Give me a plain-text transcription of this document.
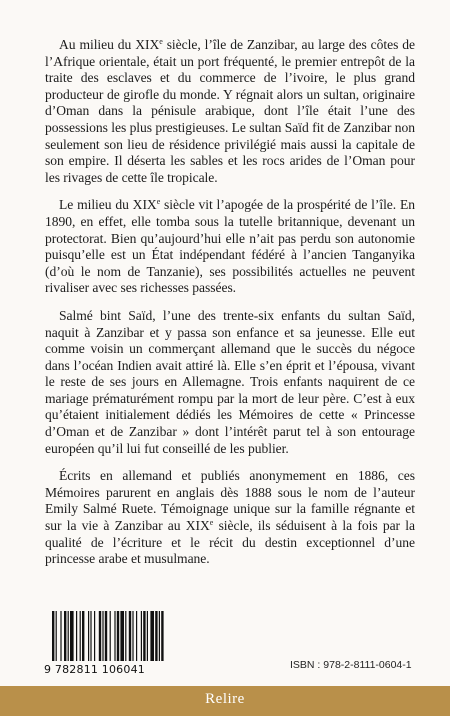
Au milieu du XIXe siècle, l’île de Zanzibar, au large des côtes de l’Afrique orientale, était un port fréquenté, le premier entrepôt de la traite des esclaves et du commerce de l’ivoire, le plus grand producteur de girofle du monde. Y régnait alors un sultan, originaire d’Oman dans la pénisule arabique, dont l’île était l’une des possessions les plus prestigieuses. Le sultan Saïd fit de Zanzibar non seulement son lieu de résidence privilégié mais aussi la capitale de son empire. Il déserta les sables et les rocs arides de l’Oman pour les rivages de cette île tropicale.

Le milieu du XIXe siècle vit l’apogée de la prospérité de l’île. En 1890, en effet, elle tomba sous la tutelle britannique, devenant un protectorat. Bien qu’aujourd’hui elle n’ait pas perdu son autonomie puisqu’elle est un État indépendant fédéré à l’ancien Tanganyika (d’où le nom de Tanzanie), ses possibilités actuelles ne peuvent rivaliser avec ses richesses passées.

Salmé bint Saïd, l’une des trente-six enfants du sultan Saïd, naquit à Zanzibar et y passa son enfance et sa jeunesse. Elle eut comme voisin un commerçant allemand que le succès du négoce dans l’océan Indien avait attiré là. Elle s’en éprit et l’épousa, vivant le reste de ses jours en Allemagne. Trois enfants naquirent de ce mariage prématurément rompu par la mort de leur père. C’est à eux qu’étaient initialement dédiés les Mémoires de cette « Princesse d’Oman et de Zanzibar » dont l’intérêt parut tel à son entourage européen qu’il lui fut conseillé de les publier.

Écrits en allemand et publiés anonymement en 1886, ces Mémoires parurent en anglais dès 1888 sous le nom de l’auteur Emily Salmé Ruete. Témoignage unique sur la famille régnante et sur la vie à Zanzibar au XIXe siècle, ils séduisent à la fois par la qualité de l’écriture et le récit du destin exceptionnel d’une princesse arabe et musulmane.

9 782811 106041	ISBN : 978-2-8111-0604-1
Relire
